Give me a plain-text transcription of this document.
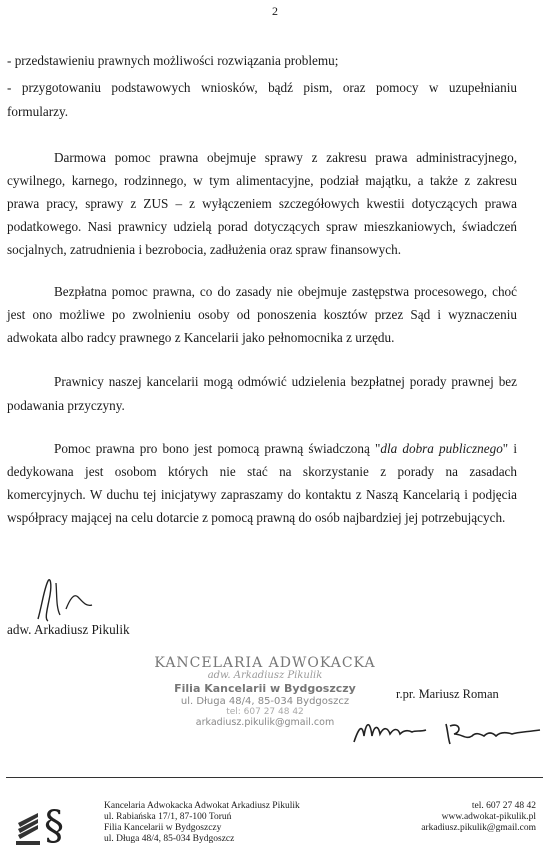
2
- przedstawieniu prawnych możliwości rozwiązania problemu;
- przygotowaniu podstawowych wniosków, bądź pism, oraz pomocy w uzupełnianiu
formularzy.
Darmowa pomoc prawna obejmuje sprawy z zakresu prawa administracyjnego,
cywilnego, karnego, rodzinnego, w tym alimentacyjne, podział majątku, a także z zakresu
prawa pracy, sprawy z ZUS – z wyłączeniem szczegółowych kwestii dotyczących prawa
podatkowego. Nasi prawnicy udzielą porad dotyczących spraw mieszkaniowych, świadczeń
socjalnych, zatrudnienia i bezrobocia, zadłużenia oraz spraw finansowych.
Bezpłatna pomoc prawna, co do zasady nie obejmuje zastępstwa procesowego, choć
jest ono możliwe po zwolnieniu osoby od ponoszenia kosztów przez Sąd i wyznaczeniu
adwokata albo radcy prawnego z Kancelarii jako pełnomocnika z urzędu.
Prawnicy naszej kancelarii mogą odmówić udzielenia bezpłatnej porady prawnej bez
podawania przyczyny.
Pomoc prawna pro bono jest pomocą prawną świadczoną "dla dobra publicznego" i
dedykowana jest osobom których nie stać na skorzystanie z porady na zasadach
komercyjnych. W duchu tej inicjatywy zapraszamy do kontaktu z Naszą Kancelarią i podjęcia
współpracy mającej na celu dotarcie z pomocą prawną do osób najbardziej jej potrzebujących.
adw. Arkadiusz Pikulik
KANCELARIA ADWOKACKA
adw. Arkadiusz Pikulik
Filia Kancelarii w Bydgoszczy
ul. Długa 48/4, 85-034 Bydgoszcz
tel: 607 27 48 42
arkadiusz.pikulik@gmail.com
r.pr. Mariusz Roman
§	Kancelaria Adwokacka Adwokat Arkadiusz Pikulik
ul. Rabiańska 17/1, 87-100 Toruń
Filia Kancelarii w Bydgoszczy
ul. Długa 48/4, 85-034 Bydgoszcz
tel. 607 27 48 42
www.adwokat-pikulik.pl
arkadiusz.pikulik@gmail.com
